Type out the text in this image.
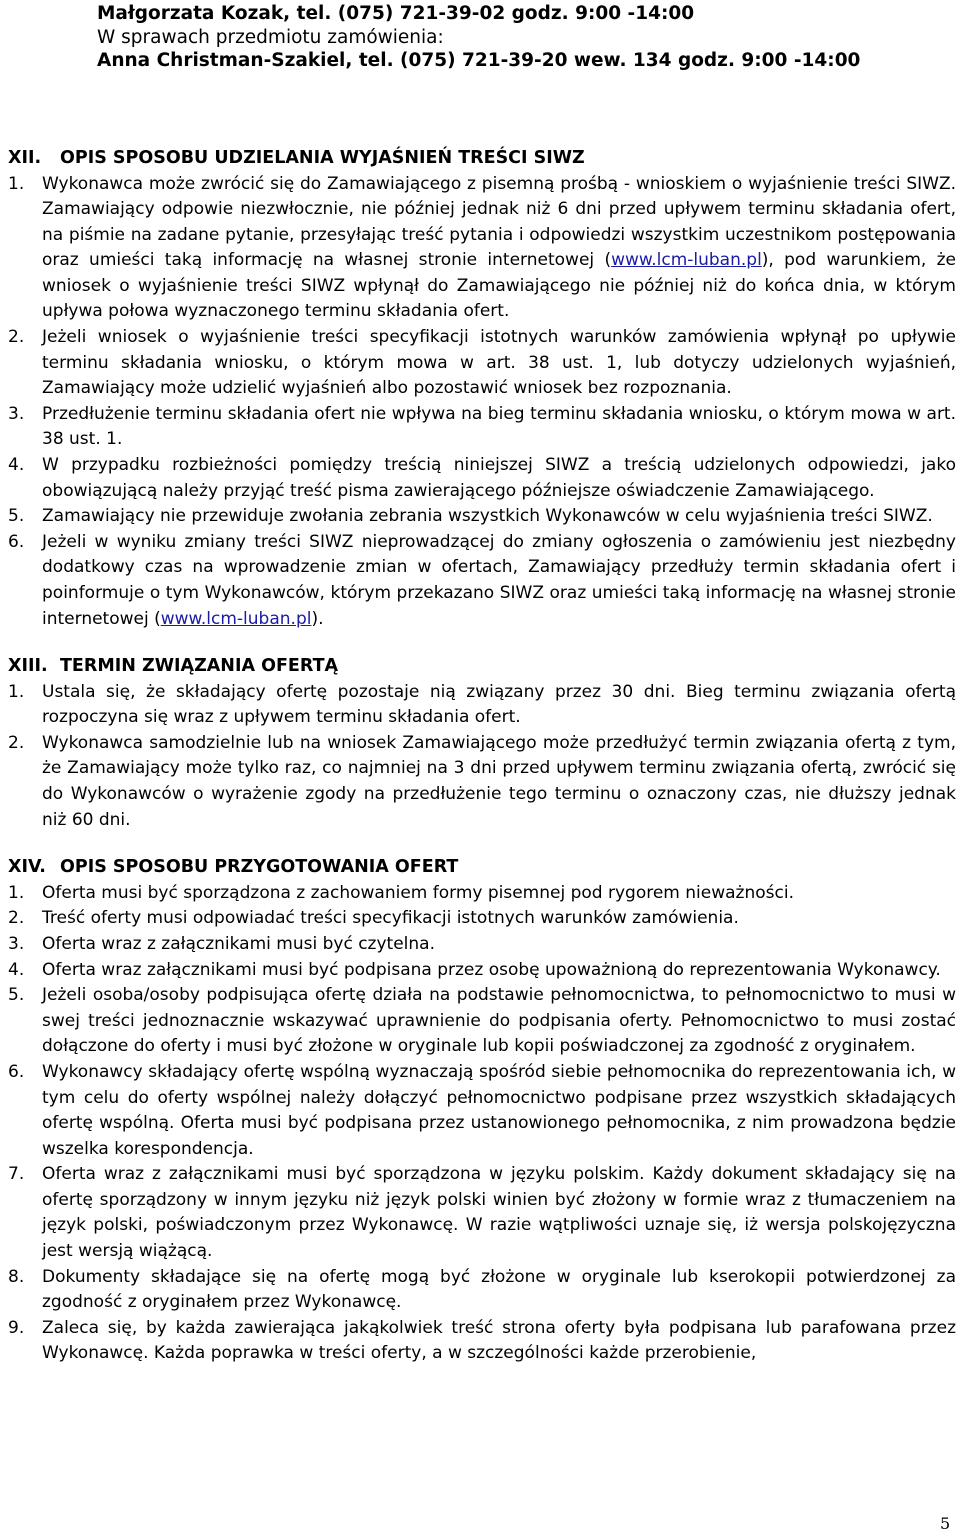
Małgorzata Kozak, tel. (075) 721-39-02 godz. 9:00 -14:00
W sprawach przedmiotu zamówienia:
Anna Christman-Szakiel, tel. (075) 721-39-20 wew. 134 godz. 9:00 -14:00
XII. OPIS SPOSOBU UDZIELANIA WYJAŚNIEŃ TREŚCI SIWZ
1.	Wykonawca może zwrócić się do Zamawiającego z pisemną prośbą - wnioskiem o wyjaśnienie treści SIWZ. Zamawiający odpowie niezwłocznie, nie później jednak niż 6 dni przed upływem terminu składania ofert, na piśmie na zadane pytanie, przesyłając treść pytania i odpowiedzi wszystkim uczestnikom postępowania oraz umieści taką informację na własnej stronie internetowej (www.lcm-luban.pl), pod warunkiem, że wniosek o wyjaśnienie treści SIWZ wpłynął do Zamawiającego nie później niż do końca dnia, w którym upływa połowa wyznaczonego terminu składania ofert.
2.	Jeżeli wniosek o wyjaśnienie treści specyfikacji istotnych warunków zamówienia wpłynął po upływie terminu składania wniosku, o którym mowa w art. 38 ust. 1, lub dotyczy udzielonych wyjaśnień, Zamawiający może udzielić wyjaśnień albo pozostawić wniosek bez rozpoznania.
3.	Przedłużenie terminu składania ofert nie wpływa na bieg terminu składania wniosku, o którym mowa w art. 38 ust. 1.
4.	W przypadku rozbieżności pomiędzy treścią niniejszej SIWZ a treścią udzielonych odpowiedzi, jako obowiązującą należy przyjąć treść pisma zawierającego późniejsze oświadczenie Zamawiającego.
5.	Zamawiający nie przewiduje zwołania zebrania wszystkich Wykonawców w celu wyjaśnienia treści SIWZ.
6.	Jeżeli w wyniku zmiany treści SIWZ nieprowadzącej do zmiany ogłoszenia o zamówieniu jest niezbędny dodatkowy czas na wprowadzenie zmian w ofertach, Zamawiający przedłuży termin składania ofert i poinformuje o tym Wykonawców, którym przekazano SIWZ oraz umieści taką informację na własnej stronie internetowej (www.lcm-luban.pl).
XIII. TERMIN ZWIĄZANIA OFERTĄ
1.	Ustala się, że składający ofertę pozostaje nią związany przez 30 dni. Bieg terminu związania ofertą rozpoczyna się wraz z upływem terminu składania ofert.
2.	Wykonawca samodzielnie lub na wniosek Zamawiającego może przedłużyć termin związania ofertą z tym, że Zamawiający może tylko raz, co najmniej na 3 dni przed upływem terminu związania ofertą, zwrócić się do Wykonawców o wyrażenie zgody na przedłużenie tego terminu o oznaczony czas, nie dłuższy jednak niż 60 dni.
XIV. OPIS SPOSOBU PRZYGOTOWANIA OFERT
1.	Oferta musi być sporządzona z zachowaniem formy pisemnej pod rygorem nieważności.
2.	Treść oferty musi odpowiadać treści specyfikacji istotnych warunków zamówienia.
3.	Oferta wraz z załącznikami musi być czytelna.
4.	Oferta wraz załącznikami musi być podpisana przez osobę upoważnioną do reprezentowania Wykonawcy.
5.	Jeżeli osoba/osoby podpisująca ofertę działa na podstawie pełnomocnictwa, to pełnomocnictwo to musi w swej treści jednoznacznie wskazywać uprawnienie do podpisania oferty. Pełnomocnictwo to musi zostać dołączone do oferty i musi być złożone w oryginale lub kopii poświadczonej za zgodność z oryginałem.
6.	Wykonawcy składający ofertę wspólną wyznaczają spośród siebie pełnomocnika do reprezentowania ich, w tym celu do oferty wspólnej należy dołączyć pełnomocnictwo podpisane przez wszystkich składających ofertę wspólną. Oferta musi być podpisana przez ustanowionego pełnomocnika, z nim prowadzona będzie wszelka korespondencja.
7.	Oferta wraz z załącznikami musi być sporządzona w języku polskim. Każdy dokument składający się na ofertę sporządzony w innym języku niż język polski winien być złożony w formie wraz z tłumaczeniem na język polski, poświadczonym przez Wykonawcę. W razie wątpliwości uznaje się, iż wersja polskojęzyczna jest wersją wiążącą.
8.	Dokumenty składające się na ofertę mogą być złożone w oryginale lub kserokopii potwierdzonej za zgodność z oryginałem przez Wykonawcę.
9.	Zaleca się, by każda zawierająca jakąkolwiek treść strona oferty była podpisana lub parafowana przez Wykonawcę. Każda poprawka w treści oferty, a w szczególności każde przerobienie,
5
